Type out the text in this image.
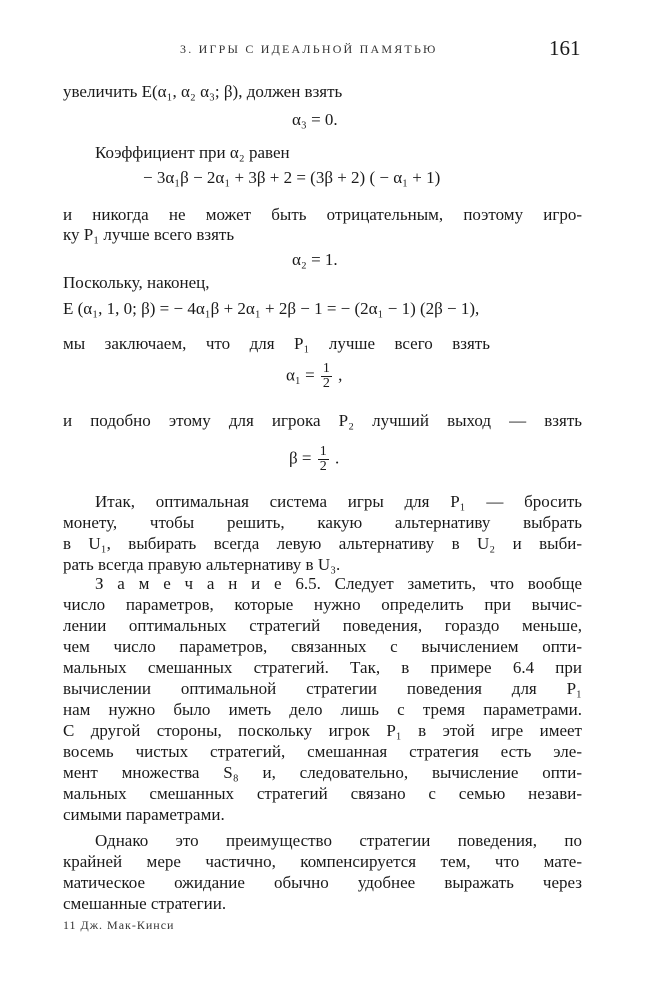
3. ИГРЫ С ИДЕАЛЬНОЙ ПАМЯТЬЮ	161
увеличить E(α₁, α₂ α₃; β), должен взять
α₃ = 0.
Коэффициент при α₂ равен
− 3α₁β − 2α₁ + 3β + 2 = (3β + 2) ( − α₁ + 1)
и никогда не может быть отрицательным, поэтому игро-
ку P₁ лучше всего взять
α₂ = 1.
Поскольку, наконец,
E (α₁, 1, 0; β) = − 4α₁β + 2α₁ + 2β − 1 = − (2α₁ − 1) (2β − 1),
мы заключаем, что для P₁ лучше всего взять
$\alpha_1 = \frac{1}{2}$ ,
и подобно этому для игрока P₂ лучший выход — взять
$\beta = \frac{1}{2}$ .
Итак, оптимальная система игры для P₁ — бросить
монету, чтобы решить, какую альтернативу выбрать
в U₁, выбирать всегда левую альтернативу в U₂ и выби-
рать всегда правую альтернативу в U₃.
З а м е ч а н и е 6.5. Следует заметить, что вообще
число параметров, которые нужно определить при вычис-
лении оптимальных стратегий поведения, гораздо меньше,
чем число параметров, связанных с вычислением опти-
мальных смешанных стратегий. Так, в примере 6.4 при
вычислении оптимальной стратегии поведения для P₁
нам нужно было иметь дело лишь с тремя параметрами.
С другой стороны, поскольку игрок P₁ в этой игре имеет
восемь чистых стратегий, смешанная стратегия есть эле-
мент множества S₈ и, следовательно, вычисление опти-
мальных смешанных стратегий связано с семью незави-
симыми параметрами.
Однако это преимущество стратегии поведения, по
крайней мере частично, компенсируется тем, что мате-
матическое ожидание обычно удобнее выражать через
смешанные стратегии.
11 Дж. Мак-Кинси
